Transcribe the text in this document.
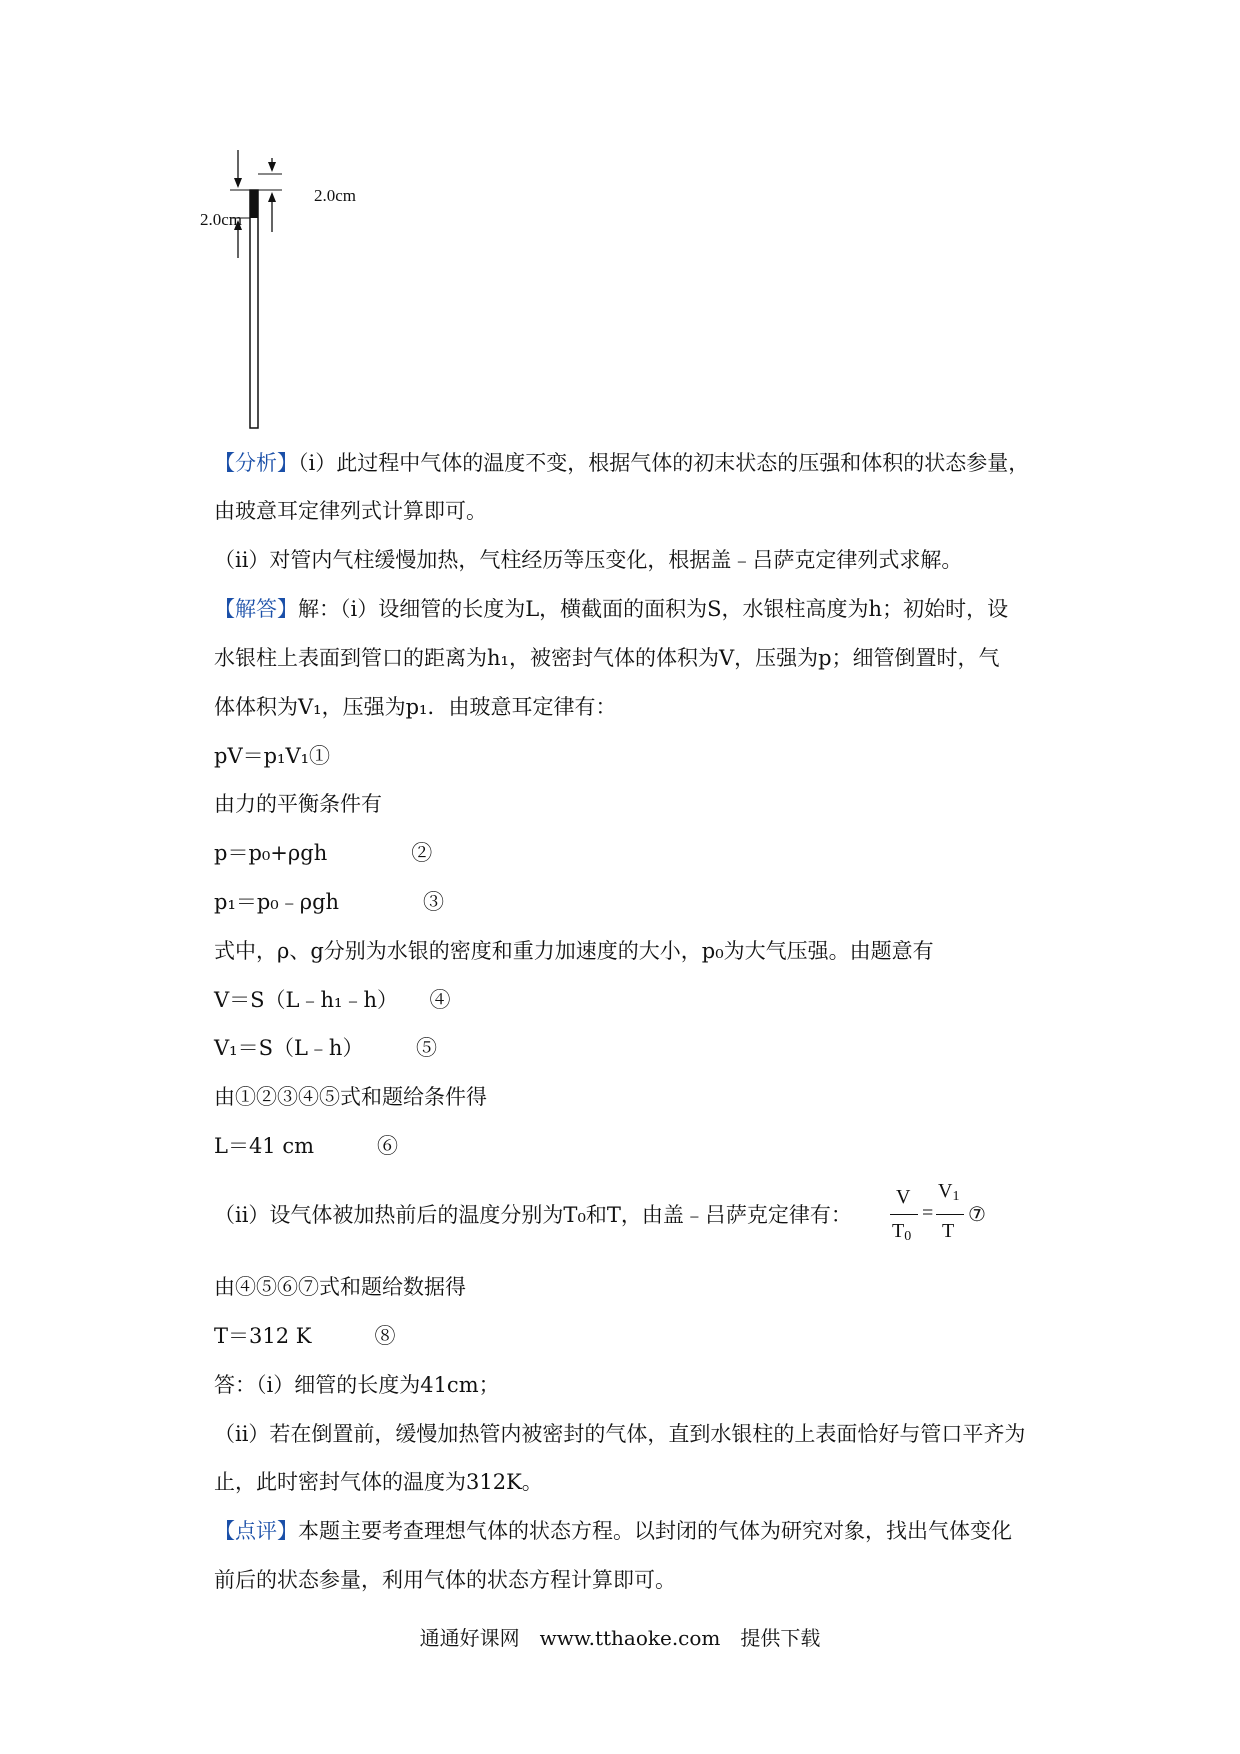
2.0cm
2.0cm
【分析】（i）此过程中气体的温度不变，根据气体的初末状态的压强和体积的状态参量，
由玻意耳定律列式计算即可。
（ii）对管内气柱缓慢加热，气柱经历等压变化，根据盖﹣吕萨克定律列式求解。
【解答】解：（i）设细管的长度为L，横截面的面积为S，水银柱高度为h；初始时，设
水银柱上表面到管口的距离为h₁，被密封气体的体积为V，压强为p；细管倒置时，气
体体积为V₁，压强为p₁．由玻意耳定律有：
pV＝p₁V₁①
由力的平衡条件有
p＝p₀+ρgh　　　　②
p₁＝p₀﹣ρgh　　　　③
式中，ρ、g分别为水银的密度和重力加速度的大小，p₀为大气压强。由题意有
V＝S（L﹣h₁﹣h）　　④
V₁＝S（L﹣h）　　　⑤
由①②③④⑤式和题给条件得
L＝41 cm　　　⑥
（ii）设气体被加热前后的温度分别为T₀和T，由盖﹣吕萨克定律有：
V
$T_0$
=
$V_1$
T
⑦
由④⑤⑥⑦式和题给数据得
T＝312 K　　　⑧
答：（i）细管的长度为41cm；
（ii）若在倒置前，缓慢加热管内被密封的气体，直到水银柱的上表面恰好与管口平齐为
止，此时密封气体的温度为312K。
【点评】本题主要考查理想气体的状态方程。以封闭的气体为研究对象，找出气体变化
前后的状态参量，利用气体的状态方程计算即可。
通通好课网　www.tthaoke.com　提供下载
